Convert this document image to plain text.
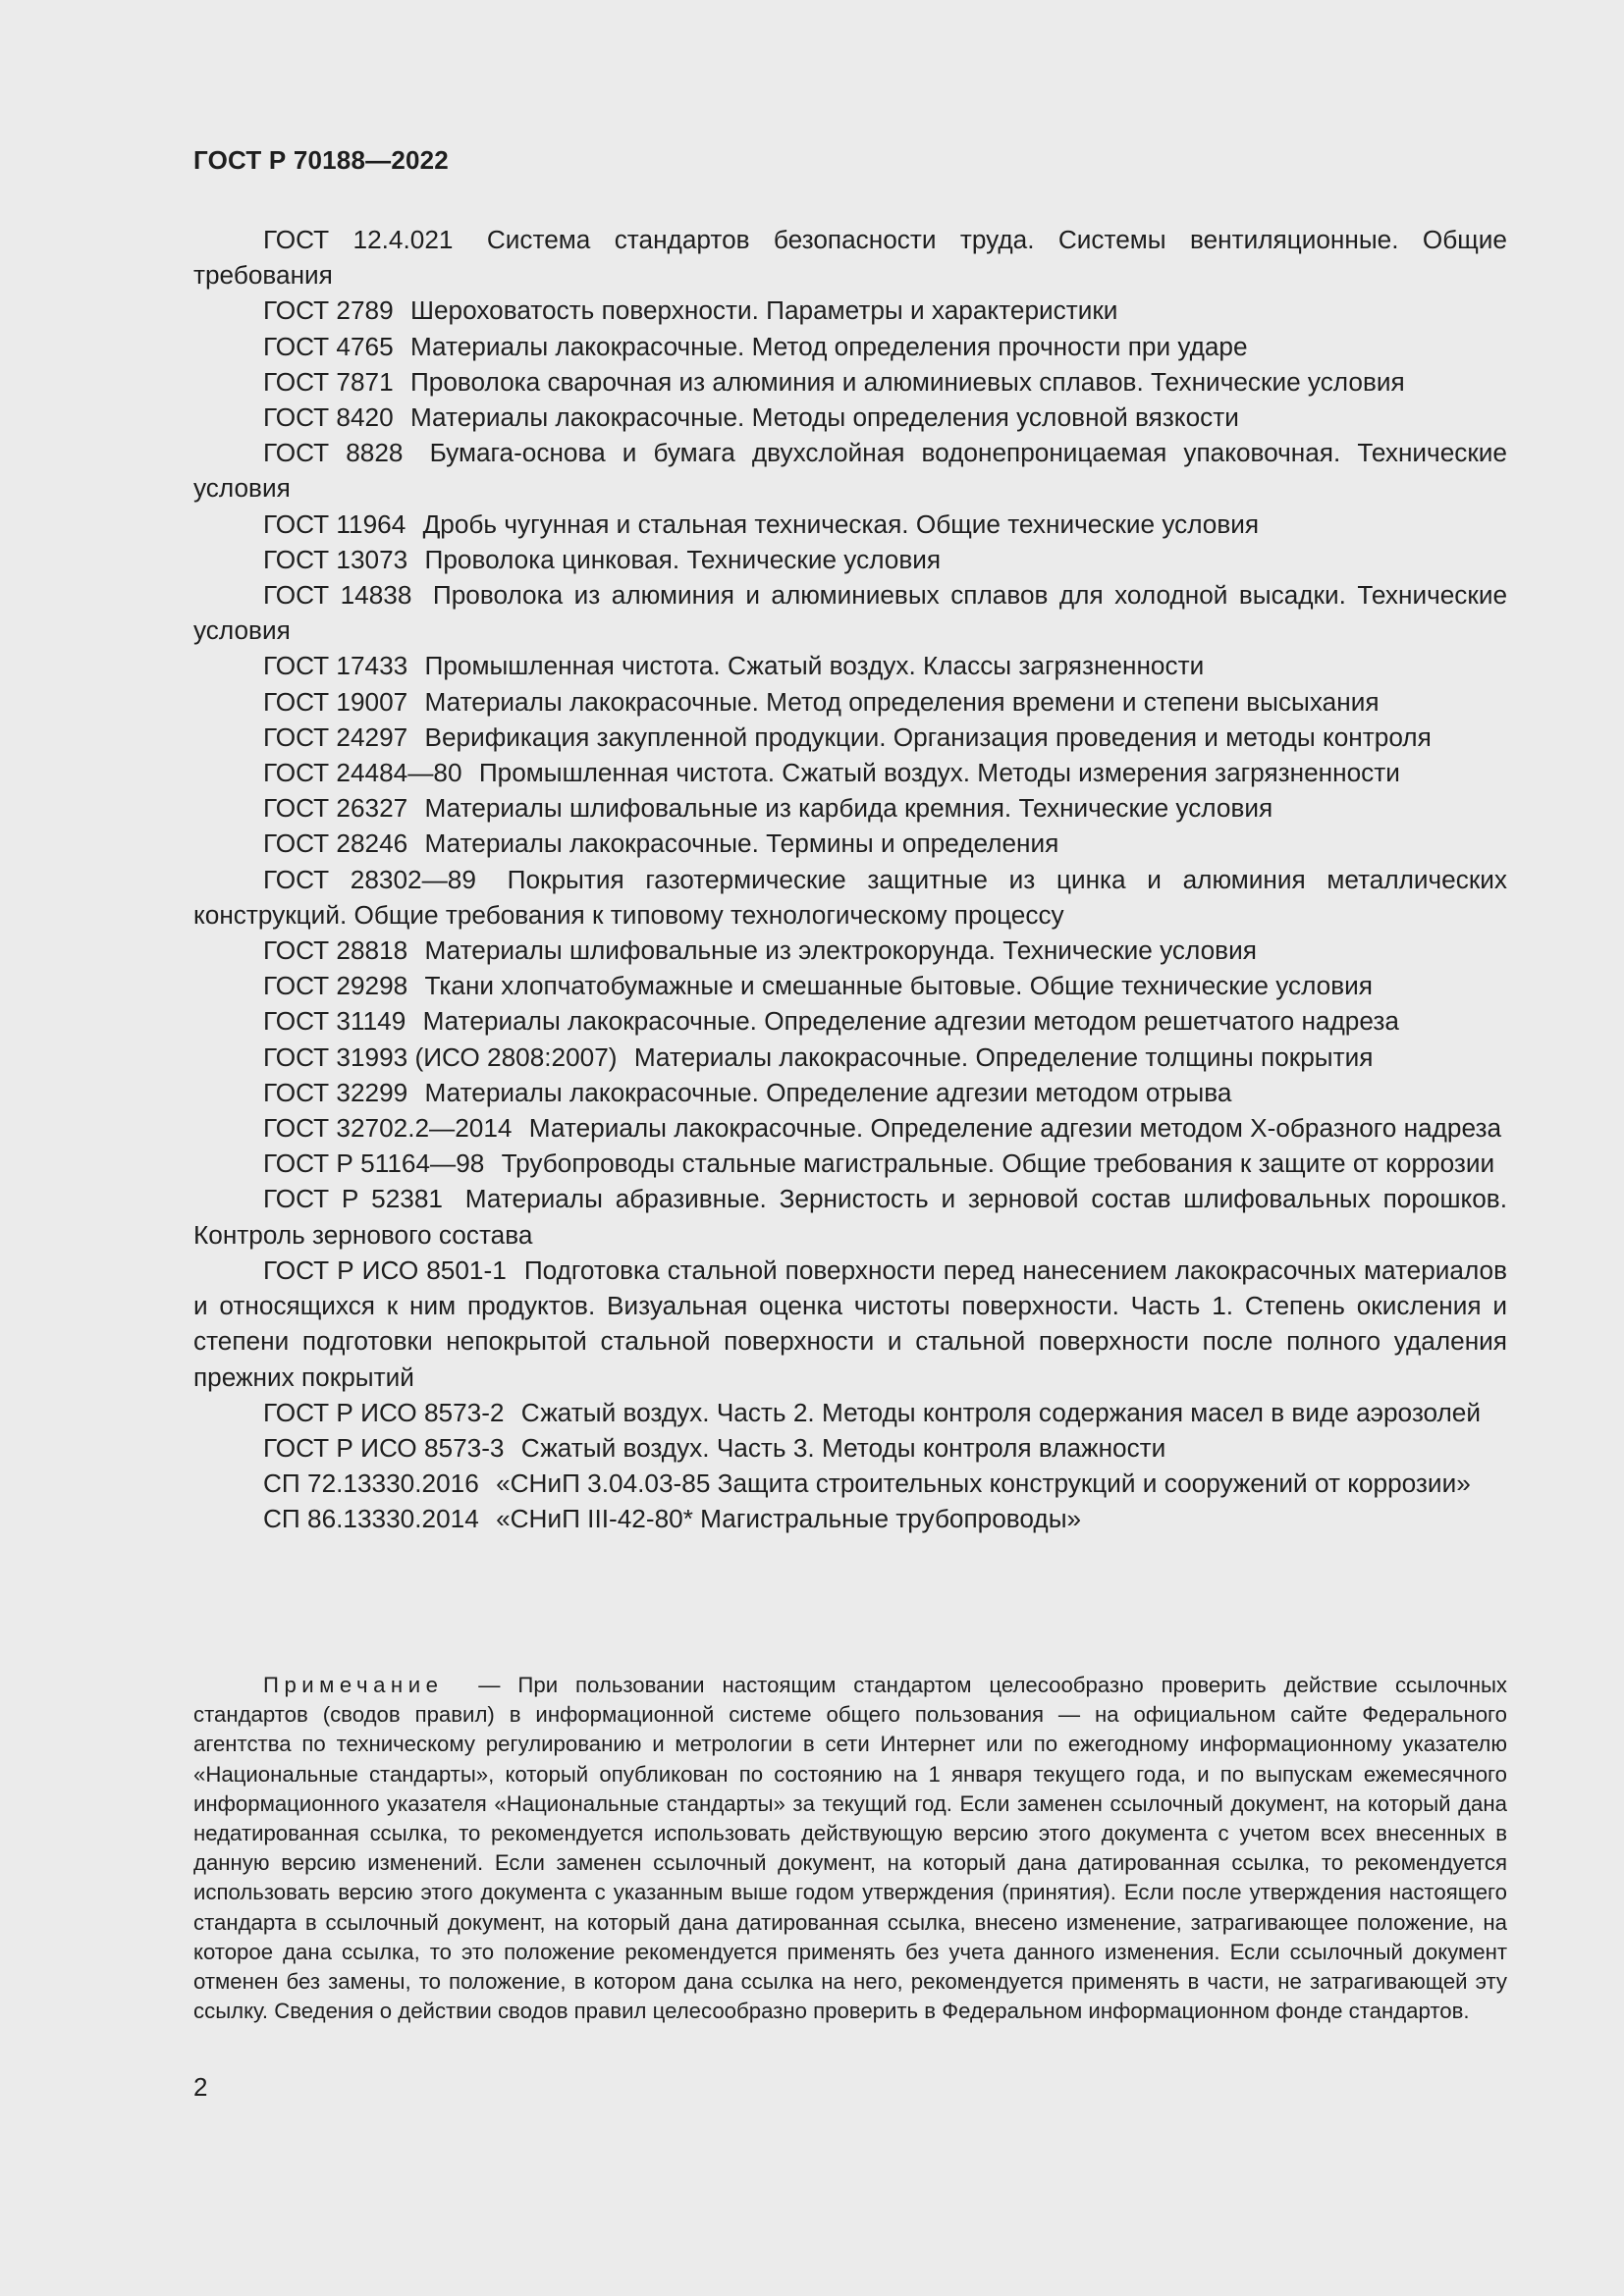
ГОСТ Р 70188—2022

ГОСТ 12.4.021 Система стандартов безопасности труда. Системы вентиляционные. Общие требования

ГОСТ 2789 Шероховатость поверхности. Параметры и характеристики

ГОСТ 4765 Материалы лакокрасочные. Метод определения прочности при ударе

ГОСТ 7871 Проволока сварочная из алюминия и алюминиевых сплавов. Технические условия

ГОСТ 8420 Материалы лакокрасочные. Методы определения условной вязкости

ГОСТ 8828 Бумага-основа и бумага двухслойная водонепроницаемая упаковочная. Технические условия

ГОСТ 11964 Дробь чугунная и стальная техническая. Общие технические условия

ГОСТ 13073 Проволока цинковая. Технические условия

ГОСТ 14838 Проволока из алюминия и алюминиевых сплавов для холодной высадки. Технические условия

ГОСТ 17433 Промышленная чистота. Сжатый воздух. Классы загрязненности

ГОСТ 19007 Материалы лакокрасочные. Метод определения времени и степени высыхания

ГОСТ 24297 Верификация закупленной продукции. Организация проведения и методы контроля

ГОСТ 24484—80 Промышленная чистота. Сжатый воздух. Методы измерения загрязненности

ГОСТ 26327 Материалы шлифовальные из карбида кремния. Технические условия

ГОСТ 28246 Материалы лакокрасочные. Термины и определения

ГОСТ 28302—89 Покрытия газотермические защитные из цинка и алюминия металлических конструкций. Общие требования к типовому технологическому процессу

ГОСТ 28818 Материалы шлифовальные из электрокорунда. Технические условия

ГОСТ 29298 Ткани хлопчатобумажные и смешанные бытовые. Общие технические условия

ГОСТ 31149 Материалы лакокрасочные. Определение адгезии методом решетчатого надреза

ГОСТ 31993 (ИСО 2808:2007) Материалы лакокрасочные. Определение толщины покрытия

ГОСТ 32299 Материалы лакокрасочные. Определение адгезии методом отрыва

ГОСТ 32702.2—2014 Материалы лакокрасочные. Определение адгезии методом Х-образного надреза

ГОСТ Р 51164—98 Трубопроводы стальные магистральные. Общие требования к защите от коррозии

ГОСТ Р 52381 Материалы абразивные. Зернистость и зерновой состав шлифовальных порошков. Контроль зернового состава

ГОСТ Р ИСО 8501-1 Подготовка стальной поверхности перед нанесением лакокрасочных материалов и относящихся к ним продуктов. Визуальная оценка чистоты поверхности. Часть 1. Степень окисления и степени подготовки непокрытой стальной поверхности и стальной поверхности после полного удаления прежних покрытий

ГОСТ Р ИСО 8573-2 Сжатый воздух. Часть 2. Методы контроля содержания масел в виде аэрозолей

ГОСТ Р ИСО 8573-3 Сжатый воздух. Часть 3. Методы контроля влажности

СП 72.13330.2016 «СНиП 3.04.03-85 Защита строительных конструкций и сооружений от коррозии»

СП 86.13330.2014 «СНиП III-42-80* Магистральные трубопроводы»

Примечание — При пользовании настоящим стандартом целесообразно проверить действие ссылочных стандартов (сводов правил) в информационной системе общего пользования — на официальном сайте Федерального агентства по техническому регулированию и метрологии в сети Интернет или по ежегодному информационному указателю «Национальные стандарты», который опубликован по состоянию на 1 января текущего года, и по выпускам ежемесячного информационного указателя «Национальные стандарты» за текущий год. Если заменен ссылочный документ, на который дана недатированная ссылка, то рекомендуется использовать действующую версию этого документа с учетом всех внесенных в данную версию изменений. Если заменен ссылочный документ, на который дана датированная ссылка, то рекомендуется использовать версию этого документа с указанным выше годом утверждения (принятия). Если после утверждения настоящего стандарта в ссылочный документ, на который дана датированная ссылка, внесено изменение, затрагивающее положение, на которое дана ссылка, то это положение рекомендуется применять без учета данного изменения. Если ссылочный документ отменен без замены, то положение, в котором дана ссылка на него, рекомендуется применять в части, не затрагивающей эту ссылку. Сведения о действии сводов правил целесообразно проверить в Федеральном информационном фонде стандартов.

2
